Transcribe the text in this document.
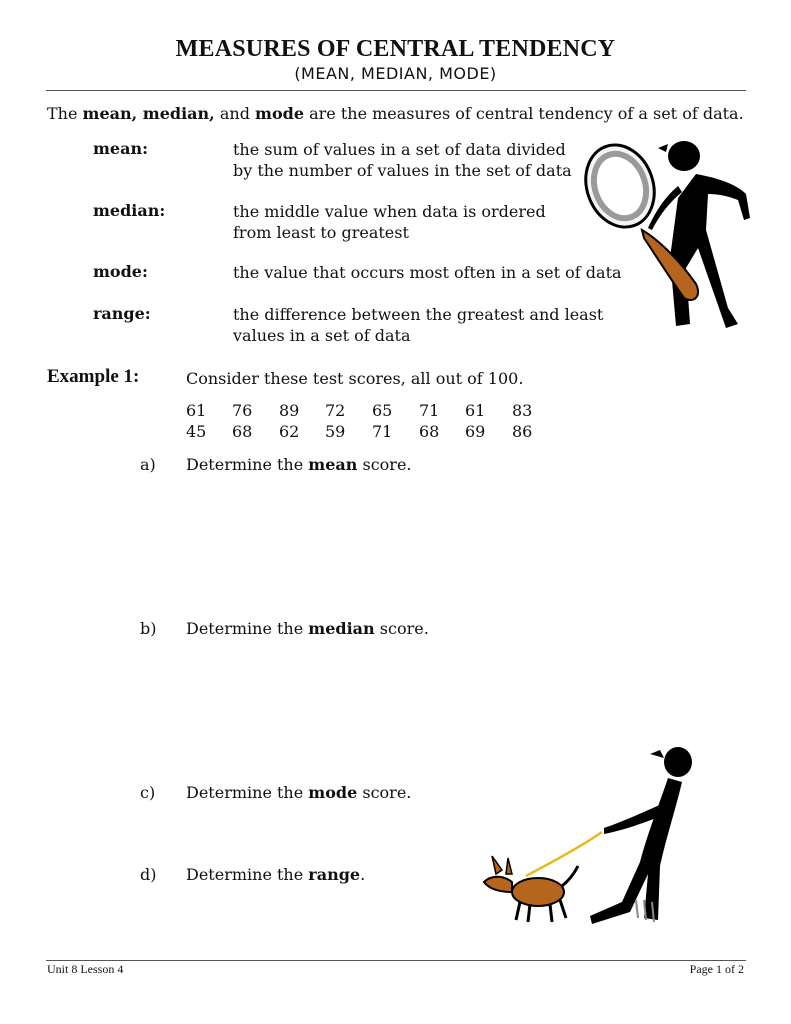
MEASURES OF CENTRAL TENDENCY
(MEAN, MEDIAN, MODE)
The mean, median, and mode are the measures of central tendency of a set of data.
mean:	the sum of values in a set of data divided
by the number of values in the set of data
median:	the middle value when data is ordered
from least to greatest
mode:	the value that occurs most often in a set of data
range:	the difference between the greatest and least
values in a set of data
Example 1:	Consider these test scores, all out of 100.
61 76 89 72 65 71 61 83
45 68 62 59 71 68 69 86
a) Determine the mean score.
b) Determine the median score.
c) Determine the mode score.
d) Determine the range.
Unit 8 Lesson 4	Page 1 of 2
